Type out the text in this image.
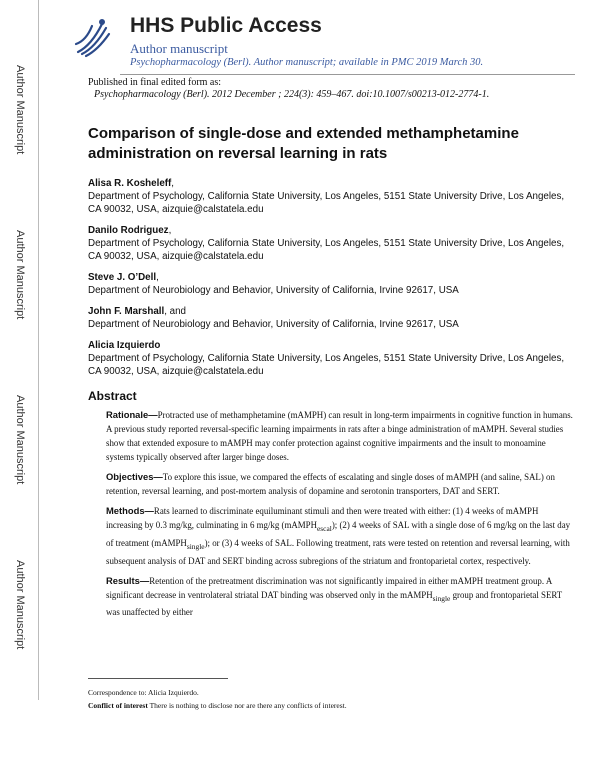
Author Manuscript
Author Manuscript
Author Manuscript
Author Manuscript
HHS Public Access
Author manuscript
Psychopharmacology (Berl). Author manuscript; available in PMC 2019 March 30.
Published in final edited form as:
Psychopharmacology (Berl). 2012 December ; 224(3): 459–467. doi:10.1007/s00213-012-2774-1.
Comparison of single-dose and extended methamphetamine administration on reversal learning in rats
Alisa R. Kosheleff,
Department of Psychology, California State University, Los Angeles, 5151 State University Drive, Los Angeles, CA 90032, USA, aizquie@calstatela.edu
Danilo Rodriguez,
Department of Psychology, California State University, Los Angeles, 5151 State University Drive, Los Angeles, CA 90032, USA, aizquie@calstatela.edu
Steve J. O’Dell,
Department of Neurobiology and Behavior, University of California, Irvine 92617, USA
John F. Marshall, and
Department of Neurobiology and Behavior, University of California, Irvine 92617, USA
Alicia Izquierdo
Department of Psychology, California State University, Los Angeles, 5151 State University Drive, Los Angeles, CA 90032, USA, aizquie@calstatela.edu
Abstract

Rationale—Protracted use of methamphetamine (mAMPH) can result in long-term impairments in cognitive function in humans. A previous study reported reversal-specific learning impairments in rats after a binge administration of mAMPH. Several studies show that extended exposure to mAMPH may confer protection against cognitive impairments and the insult to monoamine systems typically observed after larger binge doses.

Objectives—To explore this issue, we compared the effects of escalating and single doses of mAMPH (and saline, SAL) on retention, reversal learning, and post-mortem analysis of dopamine and serotonin transporters, DAT and SERT.

Methods—Rats learned to discriminate equiluminant stimuli and then were treated with either: (1) 4 weeks of mAMPH increasing by 0.3 mg/kg, culminating in 6 mg/kg (mAMPH$_{escal}$); (2) 4 weeks of SAL with a single dose of 6 mg/kg on the last day of treatment (mAMPH$_{single}$); or (3) 4 weeks of SAL. Following treatment, rats were tested on retention and reversal learning, with subsequent analysis of DAT and SERT binding across subregions of the striatum and frontoparietal cortex, respectively.

Results—Retention of the pretreatment discrimination was not significantly impaired in either mAMPH treatment group. A significant decrease in ventrolateral striatal DAT binding was observed only in the mAMPH$_{single}$ group and frontoparietal SERT was unaffected by either

Correspondence to: Alicia Izquierdo.
Conflict of interest There is nothing to disclose nor are there any conflicts of interest.
